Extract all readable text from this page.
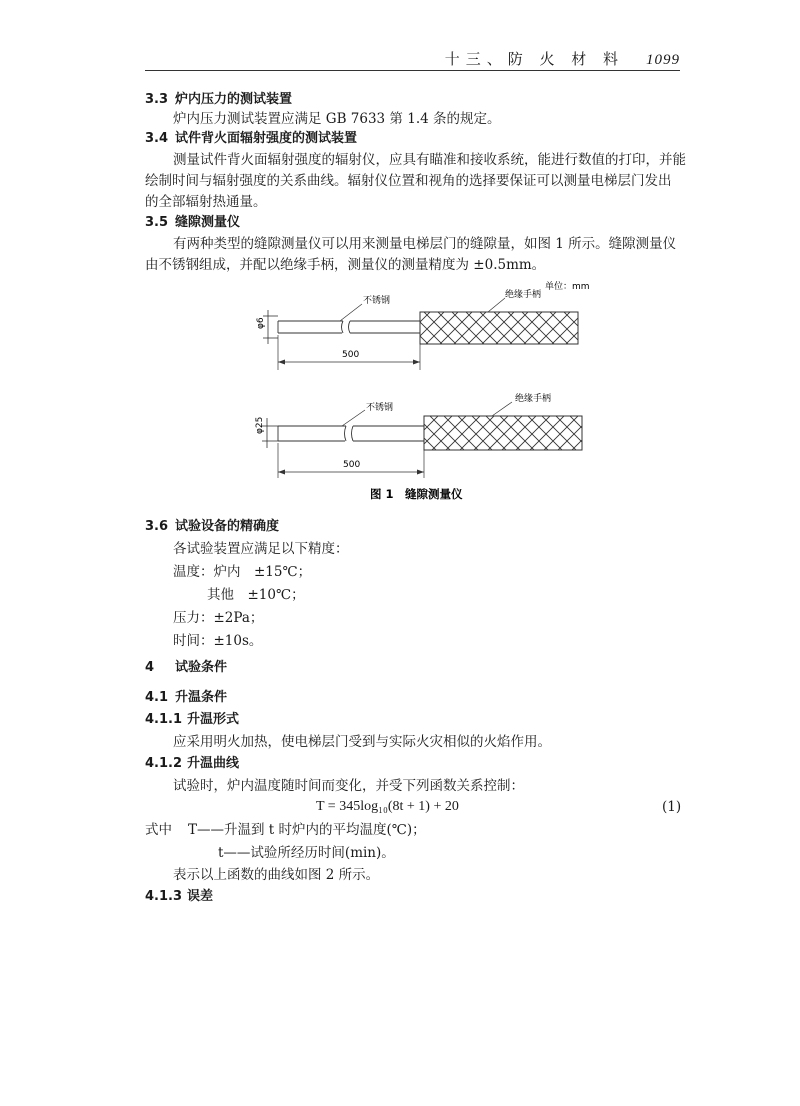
十三、防 火 材 料 1099
3.3 炉内压力的测试装置
炉内压力测试装置应满足 GB 7633 第 1.4 条的规定。
3.4 试件背火面辐射强度的测试装置
测量试件背火面辐射强度的辐射仪，应具有瞄准和接收系统，能进行数值的打印，并能
绘制时间与辐射强度的关系曲线。辐射仪位置和视角的选择要保证可以测量电梯层门发出
的全部辐射热通量。
3.5 缝隙测量仪
有两种类型的缝隙测量仪可以用来测量电梯层门的缝隙量，如图 1 所示。缝隙测量仪
由不锈钢组成，并配以绝缘手柄，测量仪的测量精度为 ±0.5mm。
单位：mm
φ6
不锈钢
绝缘手柄
500
φ25
不锈钢
绝缘手柄
500
图 1　缝隙测量仪
3.6 试验设备的精确度
各试验装置应满足以下精度：
温度：炉内　±15℃；
其他　±10℃；
压力：±2Pa；
时间：±10s。
4 试验条件
4.1 升温条件
4.1.1 升温形式
应采用明火加热，使电梯层门受到与实际火灾相似的火焰作用。
4.1.2 升温曲线
试验时，炉内温度随时间而变化，并受下列函数关系控制：
T = 345log₁₀(8t + 1) + 20	(1)
式中 T——升温到 t 时炉内的平均温度(℃)；
t——试验所经历时间(min)。
表示以上函数的曲线如图 2 所示。
4.1.3 误差
